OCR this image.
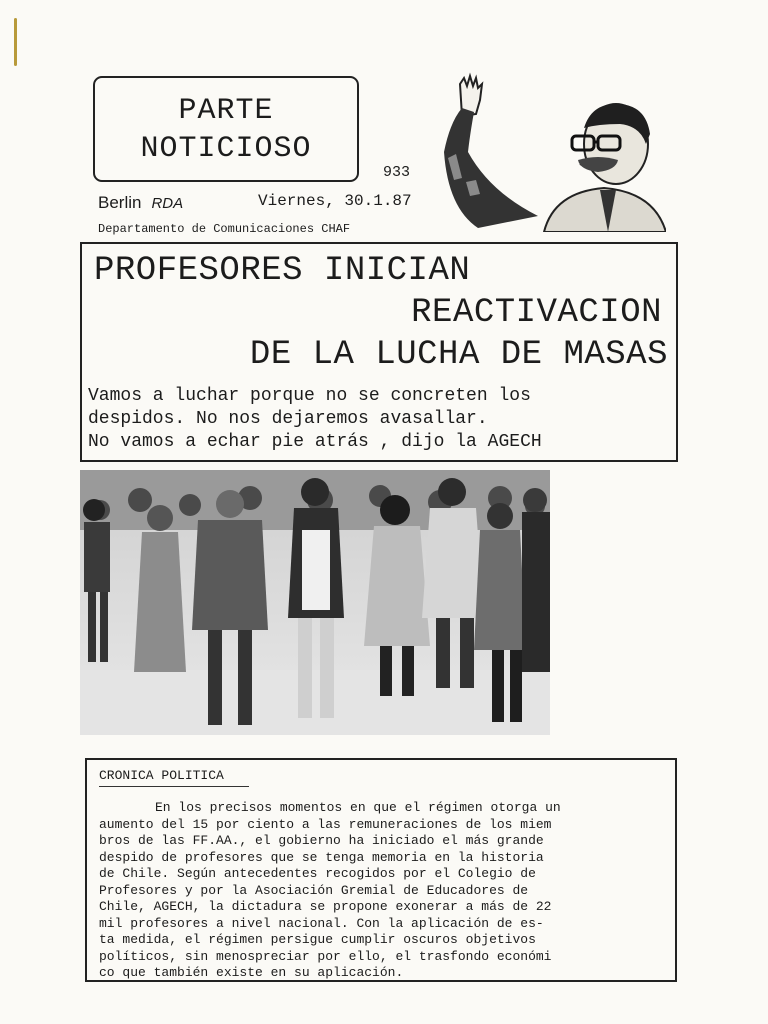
PARTE
NOTICIOSO
933
Berlin RDA	Viernes, 30.1.87
Departamento de Comunicaciones CHAF
PROFESORES INICIAN
REACTIVACION
DE LA LUCHA DE MASAS
Vamos a luchar porque no se concreten los
despidos. No nos dejaremos avasallar.
No vamos a echar pie atrás , dijo la AGECH
CRONICA POLITICA
En los precisos momentos en que el régimen otorga un
aumento del 15 por ciento a las remuneraciones de los miem
bros de las FF.AA., el gobierno ha iniciado el más grande
despido de profesores que se tenga memoria en la historia
de Chile. Según antecedentes recogidos por el Colegio de
Profesores y por la Asociación Gremial de Educadores de
Chile, AGECH, la dictadura se propone exonerar a más de 22
mil profesores a nivel nacional. Con la aplicación de es-
ta medida, el régimen persigue cumplir oscuros objetivos
políticos, sin menospreciar por ello, el trasfondo económi
co que también existe en su aplicación.
